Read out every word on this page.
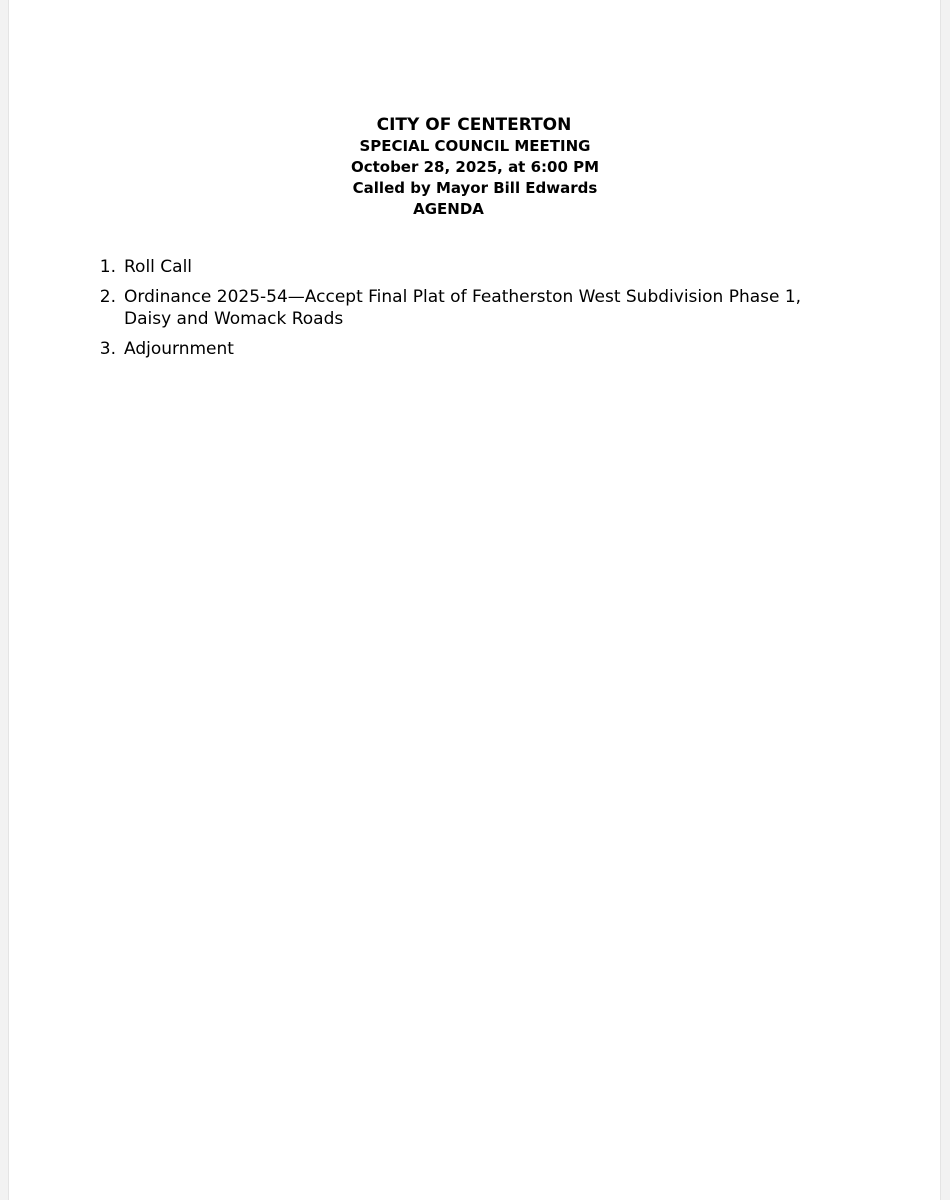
CITY OF CENTERTON
SPECIAL COUNCIL MEETING
October 28, 2025, at 6:00 PM
Called by Mayor Bill Edwards
AGENDA
1. Roll Call
2. Ordinance 2025-54—Accept Final Plat of Featherston West Subdivision Phase 1, Daisy and Womack Roads
3. Adjournment
